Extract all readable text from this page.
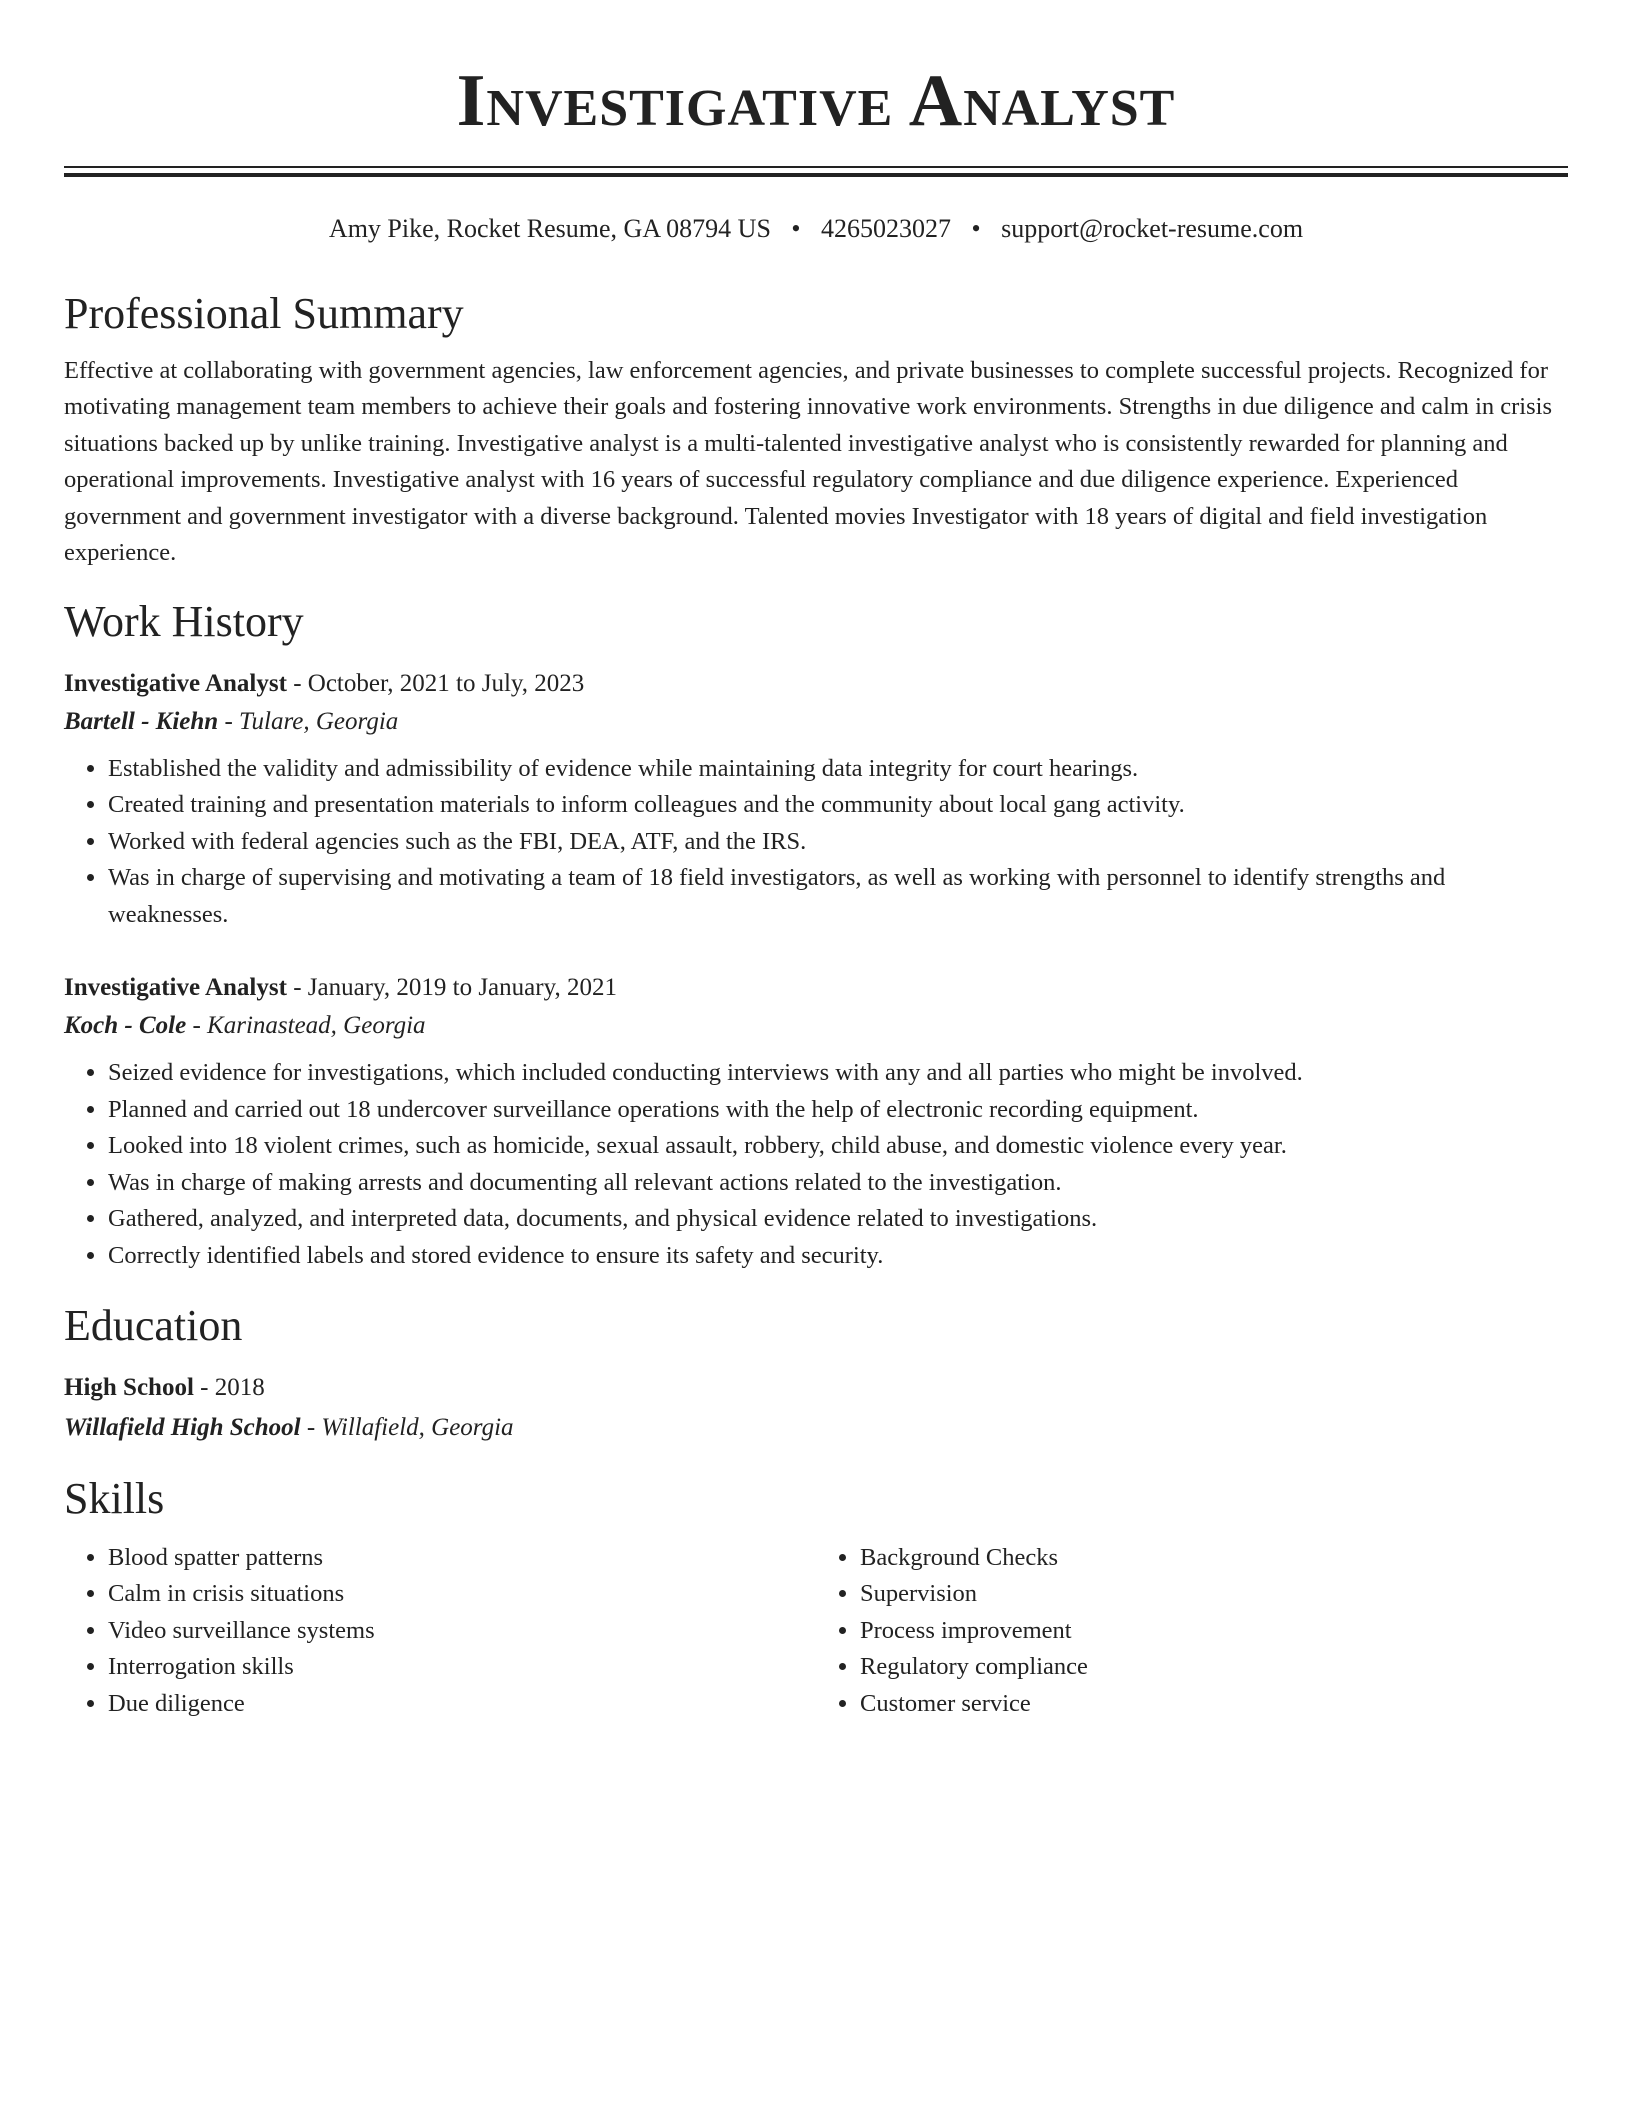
Investigative Analyst
Amy Pike, Rocket Resume, GA 08794 US • 4265023027 • support@rocket-resume.com
Professional Summary
Effective at collaborating with government agencies, law enforcement agencies, and private businesses to complete successful projects. Recognized for motivating management team members to achieve their goals and fostering innovative work environments. Strengths in due diligence and calm in crisis situations backed up by unlike training. Investigative analyst is a multi-talented investigative analyst who is consistently rewarded for planning and operational improvements. Investigative analyst with 16 years of successful regulatory compliance and due diligence experience. Experienced government and government investigator with a diverse background. Talented movies Investigator with 18 years of digital and field investigation experience.
Work History
Investigative Analyst - October, 2021 to July, 2023
Bartell - Kiehn - Tulare, Georgia
• Established the validity and admissibility of evidence while maintaining data integrity for court hearings.
• Created training and presentation materials to inform colleagues and the community about local gang activity.
• Worked with federal agencies such as the FBI, DEA, ATF, and the IRS.
• Was in charge of supervising and motivating a team of 18 field investigators, as well as working with personnel to identify strengths and weaknesses.
Investigative Analyst - January, 2019 to January, 2021
Koch - Cole - Karinastead, Georgia
• Seized evidence for investigations, which included conducting interviews with any and all parties who might be involved.
• Planned and carried out 18 undercover surveillance operations with the help of electronic recording equipment.
• Looked into 18 violent crimes, such as homicide, sexual assault, robbery, child abuse, and domestic violence every year.
• Was in charge of making arrests and documenting all relevant actions related to the investigation.
• Gathered, analyzed, and interpreted data, documents, and physical evidence related to investigations.
• Correctly identified labels and stored evidence to ensure its safety and security.
Education
High School - 2018
Willafield High School - Willafield, Georgia
Skills
• Blood spatter patterns
• Calm in crisis situations
• Video surveillance systems
• Interrogation skills
• Due diligence
• Background Checks
• Supervision
• Process improvement
• Regulatory compliance
• Customer service
